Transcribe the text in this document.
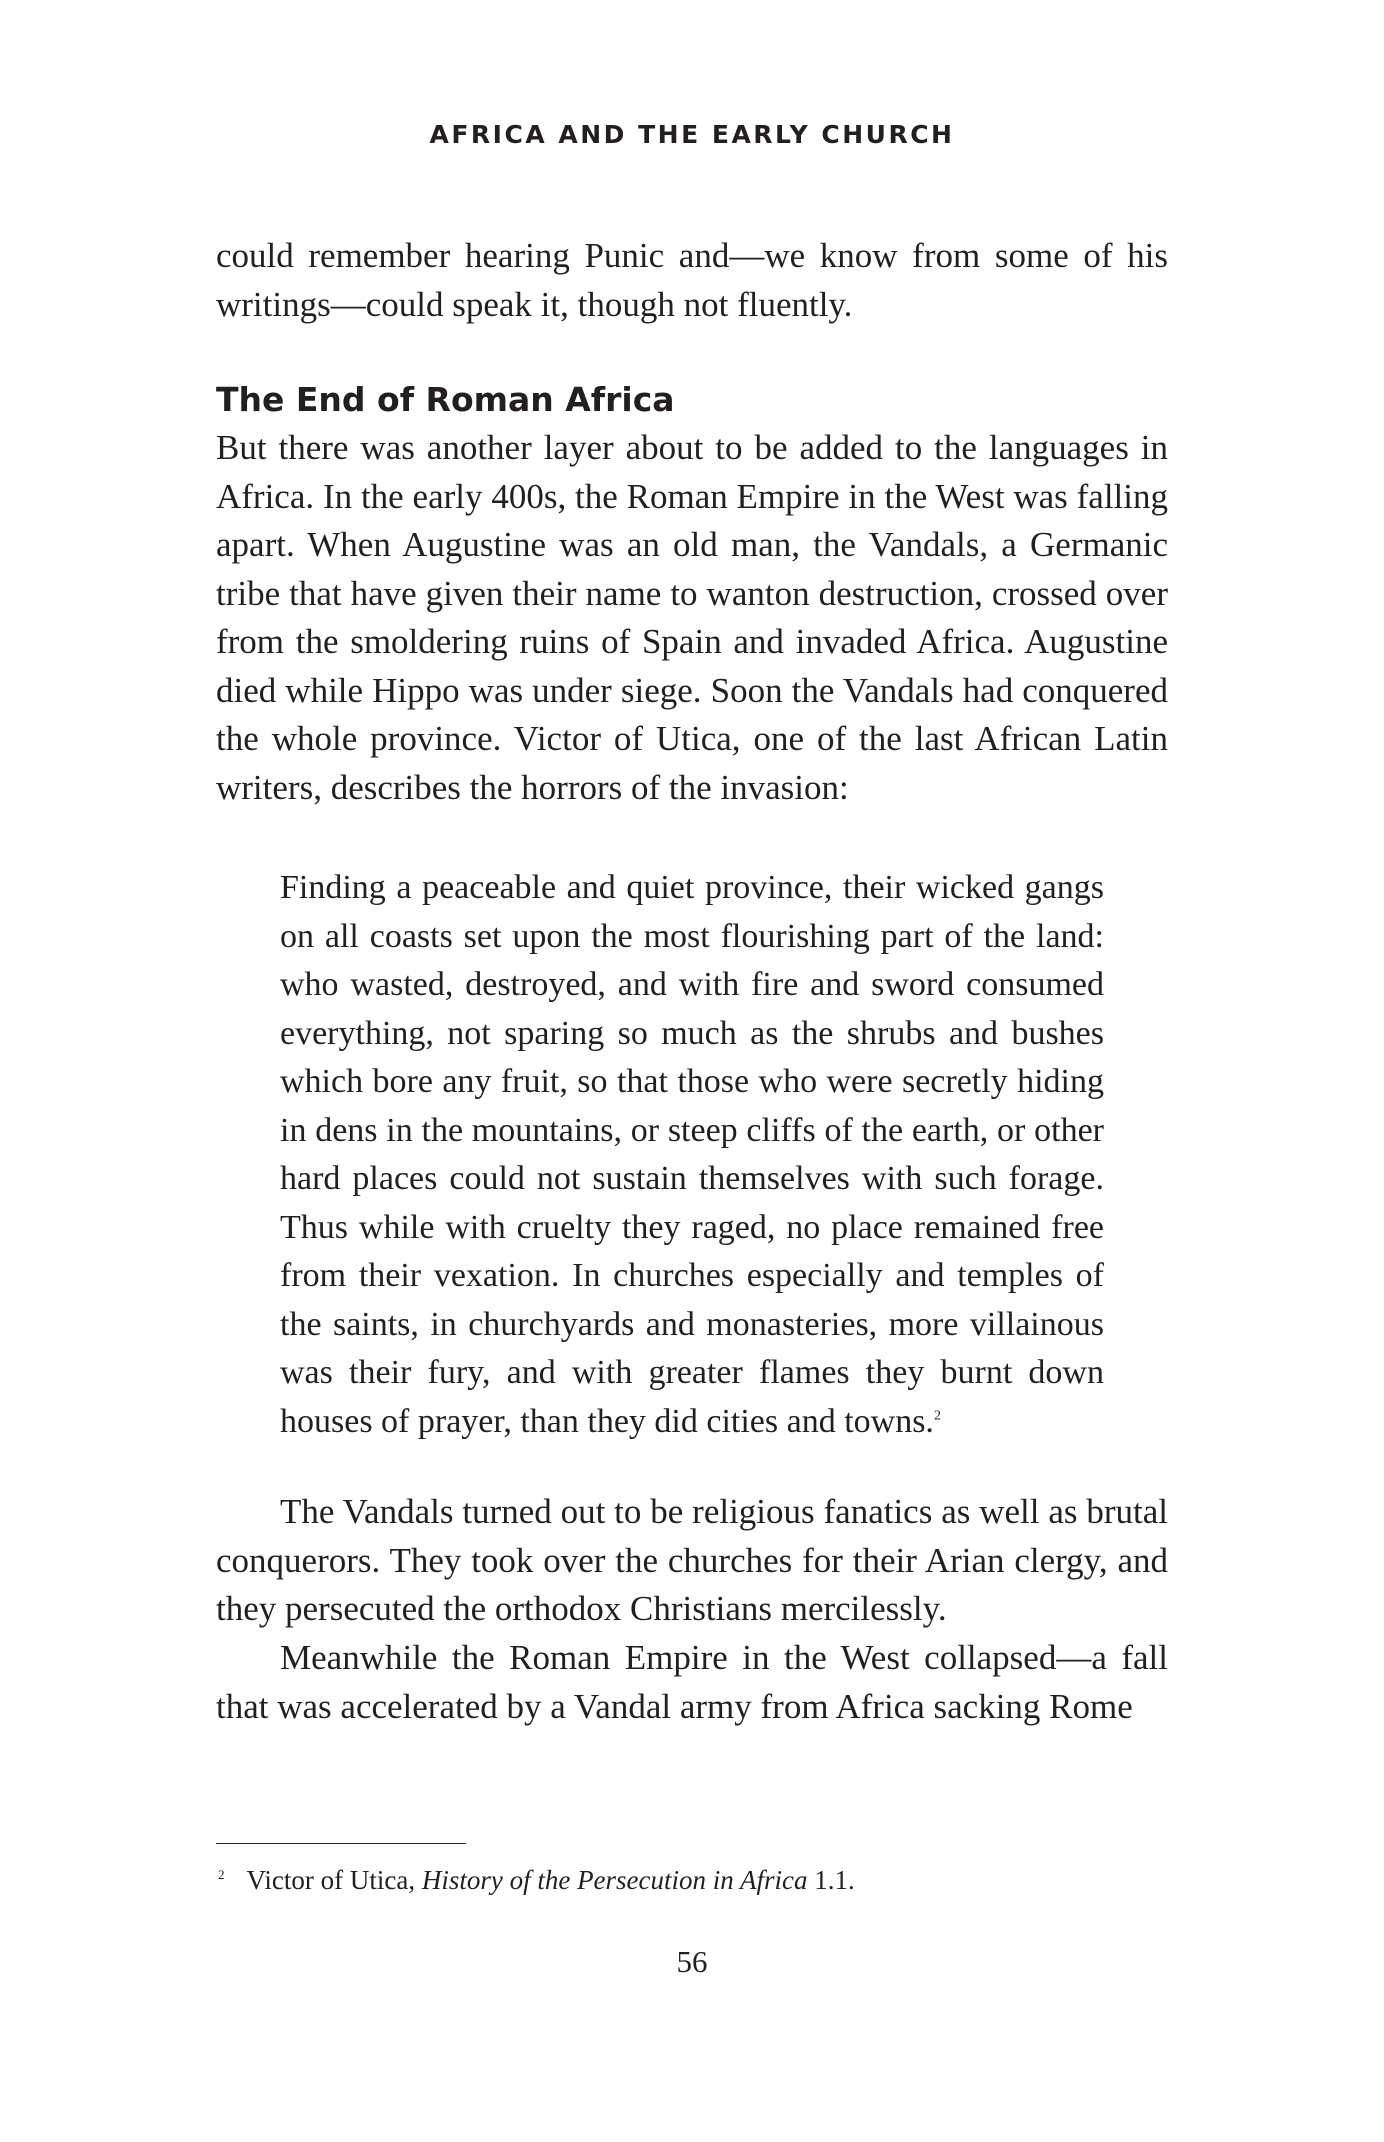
AFRICA AND THE EARLY CHURCH

could remember hearing Punic and—we know from some of his writings—could speak it, though not fluently.

The End of Roman Africa

But there was another layer about to be added to the languages in Africa. In the early 400s, the Roman Empire in the West was falling apart. When Augustine was an old man, the Vandals, a Germanic tribe that have given their name to wanton destruction, crossed over from the smoldering ruins of Spain and invaded Africa. Augustine died while Hippo was under siege. Soon the Vandals had conquered the whole province. Victor of Utica, one of the last African Latin writers, describes the horrors of the invasion:

Finding a peaceable and quiet province, their wicked gangs on all coasts set upon the most flourishing part of the land: who wasted, destroyed, and with fire and sword consumed everything, not sparing so much as the shrubs and bushes which bore any fruit, so that those who were secretly hiding in dens in the mountains, or steep cliffs of the earth, or other hard places could not sustain themselves with such forage. Thus while with cruelty they raged, no place remained free from their vexation. In churches especially and temples of the saints, in churchyards and monasteries, more villainous was their fury, and with greater flames they burnt down houses of prayer, than they did cities and towns.$^2$

The Vandals turned out to be religious fanatics as well as brutal conquerors. They took over the churches for their Arian clergy, and they persecuted the orthodox Christians mercilessly.

Meanwhile the Roman Empire in the West collapsed—a fall that was accelerated by a Vandal army from Africa sacking Rome

$^2$ Victor of Utica, History of the Persecution in Africa 1.1.

56
